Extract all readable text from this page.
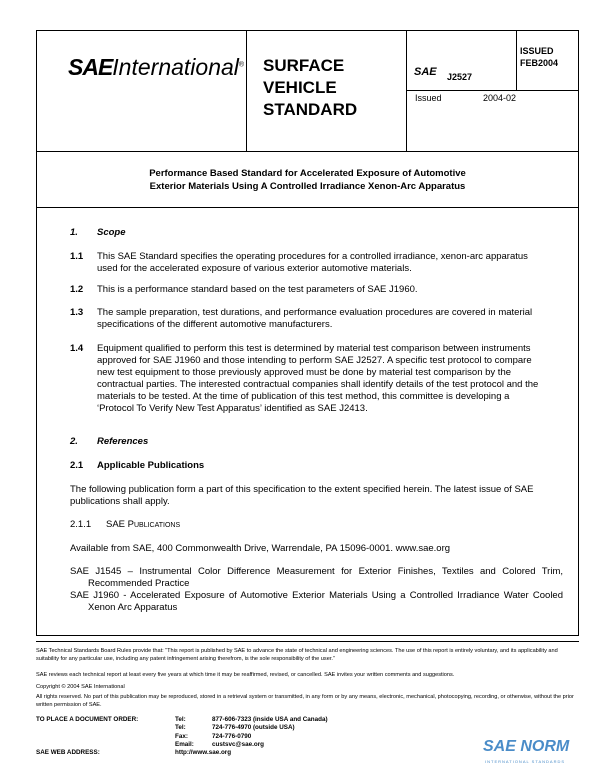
SAEInternational® SURFACE
VEHICLE
STANDARD
SAE J2527
ISSUED
FEB2004
Issued	2004-02
Performance Based Standard for Accelerated Exposure of Automotive
Exterior Materials Using A Controlled Irradiance Xenon-Arc Apparatus
1. Scope
1.1 This SAE Standard specifies the operating procedures for a controlled irradiance, xenon-arc apparatus used for the accelerated exposure of various exterior automotive materials.
1.2 This is a performance standard based on the test parameters of SAE J1960.
1.3 The sample preparation, test durations, and performance evaluation procedures are covered in material specifications of the different automotive manufacturers.
1.4 Equipment qualified to perform this test is determined by material test comparison between instruments approved for SAE J1960 and those intending to perform SAE J2527. A specific test protocol to compare new test equipment to those previously approved must be done by material test comparison by the contractual parties. The interested contractual companies shall identify details of the test protocol and the materials to be tested. At the time of publication of this test method, this committee is developing a ‘Protocol To Verify New Test Apparatus’ identified as SAE J2413.
2. References
2.1 Applicable Publications
The following publication form a part of this specification to the extent specified herein. The latest issue of SAE publications shall apply.
2.1.1 SAE Publications
Available from SAE, 400 Commonwealth Drive, Warrendale, PA 15096-0001. www.sae.org
SAE J1545 – Instrumental Color Difference Measurement for Exterior Finishes, Textiles and Colored Trim, Recommended Practice
SAE J1960 - Accelerated Exposure of Automotive Exterior Materials Using a Controlled Irradiance Water Cooled Xenon Arc Apparatus
SAE Technical Standards Board Rules provide that: “This report is published by SAE to advance the state of technical and engineering sciences. The use of this report is entirely voluntary, and its applicability and suitability for any particular use, including any patent infringement arising therefrom, is the sole responsibility of the user.”
SAE reviews each technical report at least every five years at which time it may be reaffirmed, revised, or cancelled. SAE invites your written comments and suggestions.
Copyright © 2004 SAE International
All rights reserved. No part of this publication may be reproduced, stored in a retrieval system or transmitted, in any form or by any means, electronic, mechanical, photocopying, recording, or otherwise, without the prior written permission of SAE.
TO PLACE A DOCUMENT ORDER:	Tel:	877-606-7323 (inside USA and Canada)
Tel:	724-776-4970 (outside USA)
Fax:	724-776-0790
Email:	custsvc@sae.org
SAE WEB ADDRESS:	http://www.sae.org	SAE NORM
INTERNATIONAL STANDARDS
